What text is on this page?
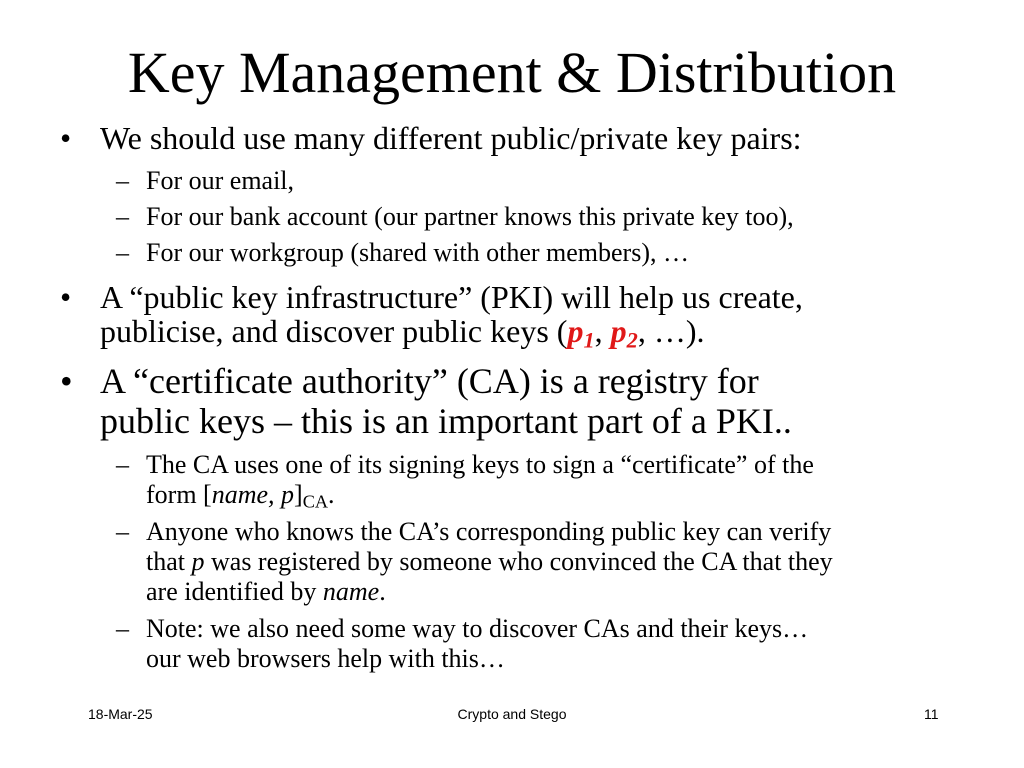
Key Management & Distribution
• We should use many different public/private key pairs:
– For our email,
– For our bank account (our partner knows this private key too),
– For our workgroup (shared with other members), …
• A “public key infrastructure” (PKI) will help us create,
publicise, and discover public keys ($p_1$, $p_2$, …).
• A “certificate authority” (CA) is a registry for
public keys – this is an important part of a PKI..
– The CA uses one of its signing keys to sign a “certificate” of the
form [name, $p]_{CA}$.
– Anyone who knows the CA’s corresponding public key can verify
that p was registered by someone who convinced the CA that they
are identified by name.
– Note: we also need some way to discover CAs and their keys…
our web browsers help with this…
18-Mar-25	Crypto and Stego	11
